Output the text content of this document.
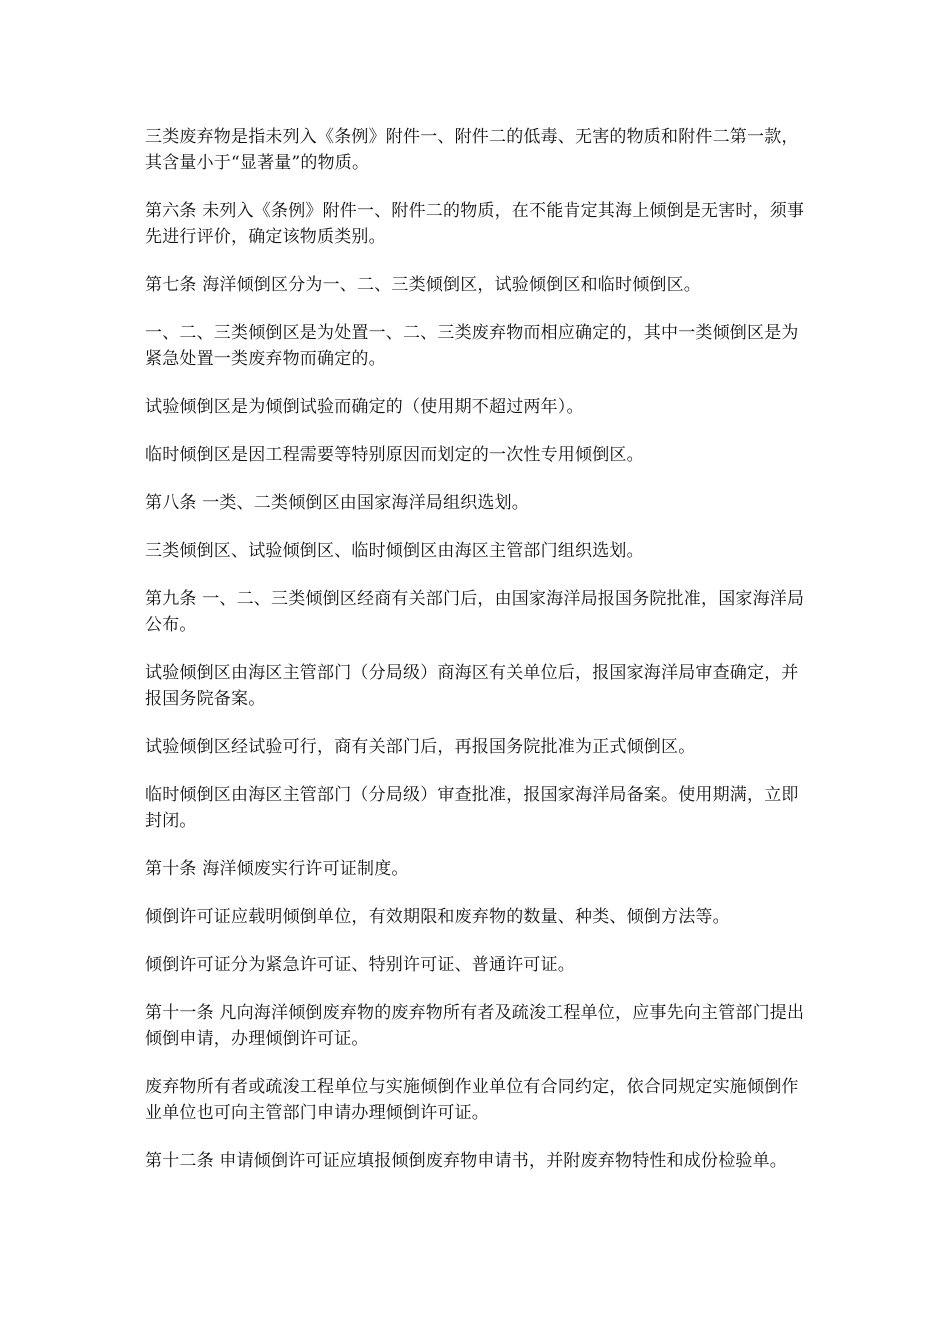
三类废弃物是指未列入《条例》附件一、附件二的低毒、无害的物质和附件二第一款，其含量小于“显著量”的物质。

第六条 未列入《条例》附件一、附件二的物质，在不能肯定其海上倾倒是无害时，须事先进行评价，确定该物质类别。

第七条 海洋倾倒区分为一、二、三类倾倒区，试验倾倒区和临时倾倒区。

一、二、三类倾倒区是为处置一、二、三类废弃物而相应确定的，其中一类倾倒区是为紧急处置一类废弃物而确定的。

试验倾倒区是为倾倒试验而确定的（使用期不超过两年）。

临时倾倒区是因工程需要等特别原因而划定的一次性专用倾倒区。

第八条 一类、二类倾倒区由国家海洋局组织选划。

三类倾倒区、试验倾倒区、临时倾倒区由海区主管部门组织选划。

第九条 一、二、三类倾倒区经商有关部门后，由国家海洋局报国务院批准，国家海洋局公布。

试验倾倒区由海区主管部门（分局级）商海区有关单位后，报国家海洋局审查确定，并报国务院备案。

试验倾倒区经试验可行，商有关部门后，再报国务院批准为正式倾倒区。

临时倾倒区由海区主管部门（分局级）审查批准，报国家海洋局备案。使用期满，立即封闭。

第十条 海洋倾废实行许可证制度。

倾倒许可证应载明倾倒单位，有效期限和废弃物的数量、种类、倾倒方法等。

倾倒许可证分为紧急许可证、特别许可证、普通许可证。

第十一条 凡向海洋倾倒废弃物的废弃物所有者及疏浚工程单位，应事先向主管部门提出倾倒申请，办理倾倒许可证。

废弃物所有者或疏浚工程单位与实施倾倒作业单位有合同约定，依合同规定实施倾倒作业单位也可向主管部门申请办理倾倒许可证。

第十二条 申请倾倒许可证应填报倾倒废弃物申请书，并附废弃物特性和成份检验单。
